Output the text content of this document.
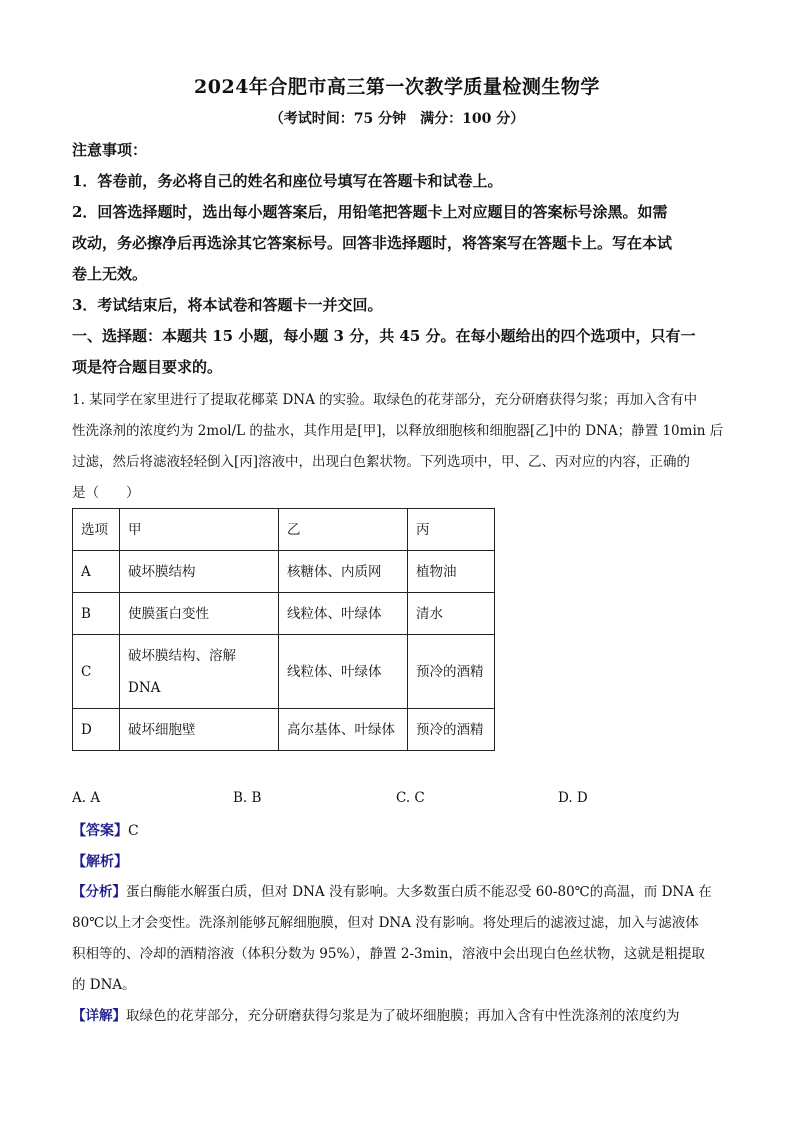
2024年合肥市高三第一次教学质量检测生物学
（考试时间：75 分钟　满分：100 分）
注意事项：
1．答卷前，务必将自己的姓名和座位号填写在答题卡和试卷上。
2．回答选择题时，选出每小题答案后，用铅笔把答题卡上对应题目的答案标号涂黑。如需
改动，务必擦净后再选涂其它答案标号。回答非选择题时，将答案写在答题卡上。写在本试
卷上无效。
3．考试结束后，将本试卷和答题卡一并交回。
一、选择题：本题共 15 小题，每小题 3 分，共 45 分。在每小题给出的四个选项中，只有一
项是符合题目要求的。
1. 某同学在家里进行了提取花椰菜 DNA 的实验。取绿色的花芽部分，充分研磨获得匀浆；再加入含有中
性洗涤剂的浓度约为 2mol/L 的盐水，其作用是[甲]，以释放细胞核和细胞器[乙]中的 DNA；静置 10min 后
过滤，然后将滤液轻轻倒入[丙]溶液中，出现白色絮状物。下列选项中，甲、乙、丙对应的内容，正确的
是（　　）
选项	甲	乙	丙
A	破坏膜结构	核糖体、内质网	植物油
B	使膜蛋白变性	线粒体、叶绿体	清水
C	破坏膜结构、溶解
DNA	线粒体、叶绿体	预冷的酒精
D	破坏细胞壁	高尔基体、叶绿体	预冷的酒精
A. A	B. B	C. C	D. D
【答案】C
【解析】
【分析】蛋白酶能水解蛋白质，但对 DNA 没有影响。大多数蛋白质不能忍受 60-80℃的高温，而 DNA 在
80℃以上才会变性。洗涤剂能够瓦解细胞膜，但对 DNA 没有影响。将处理后的滤液过滤，加入与滤液体
积相等的、冷却的酒精溶液（体积分数为 95%），静置 2-3min，溶液中会出现白色丝状物，这就是粗提取
的 DNA。
【详解】取绿色的花芽部分，充分研磨获得匀浆是为了破坏细胞膜；再加入含有中性洗涤剂的浓度约为
